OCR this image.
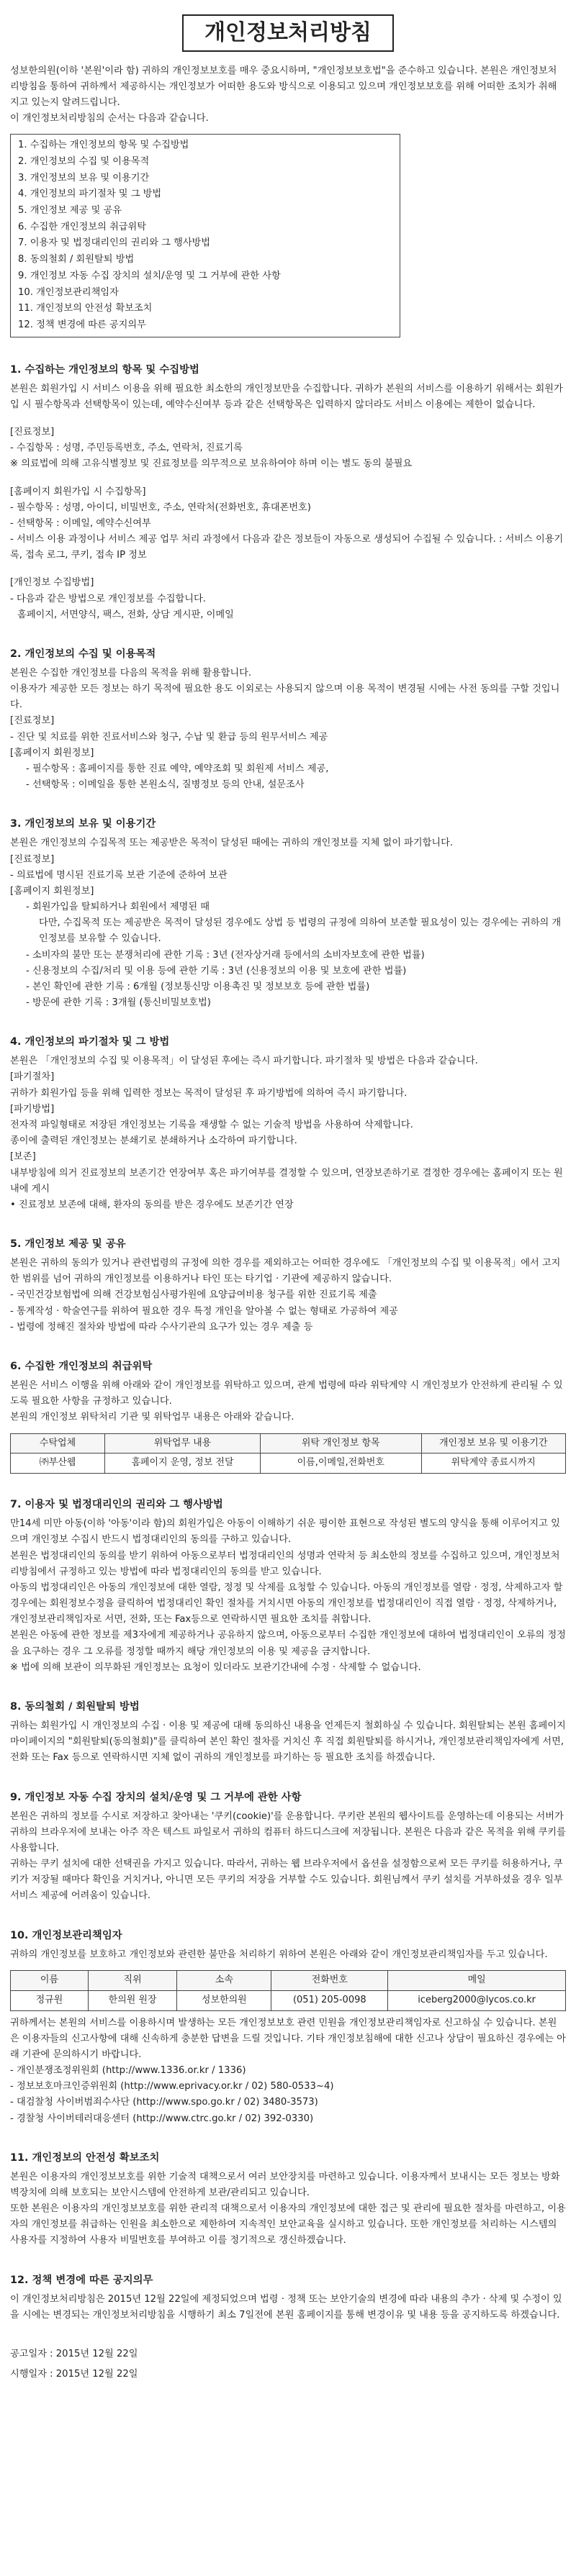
개인정보처리방침

성보한의원(이하 '본원'이라 함) 귀하의 개인정보보호를 매우 중요시하며, "개인정보보호법"을 준수하고 있습니다. 본원은 개인정보처리방침을 통하여 귀하께서 제공하시는 개인정보가 어떠한 용도와 방식으로 이용되고 있으며 개인정보보호를 위해 어떠한 조치가 취해지고 있는지 알려드립니다.

이 개인정보처리방침의 순서는 다음과 같습니다.

1. 수집하는 개인정보의 항목 및 수집방법
2. 개인정보의 수집 및 이용목적
3. 개인정보의 보유 및 이용기간
4. 개인정보의 파기절차 및 그 방법
5. 개인정보 제공 및 공유
6. 수집한 개인정보의 취급위탁
7. 이용자 및 법정대리인의 권리와 그 행사방법
8. 동의철회 / 회원탈퇴 방법
9. 개인정보 자동 수집 장치의 설치/운영 및 그 거부에 관한 사항
10. 개인정보관리책임자
11. 개인정보의 안전성 확보조치
12. 정책 변경에 따른 공지의무
1. 수집하는 개인정보의 항목 및 수집방법

본원은 회원가입 시 서비스 이용을 위해 필요한 최소한의 개인정보만을 수집합니다. 귀하가 본원의 서비스를 이용하기 위해서는 회원가입 시 필수항목과 선택항목이 있는데, 예약수신여부 등과 같은 선택항목은 입력하지 않더라도 서비스 이용에는 제한이 없습니다.

[진료정보]

- 수집항목 : 성명, 주민등록번호, 주소, 연락처, 진료기록

※ 의료법에 의해 고유식별정보 및 진료정보를 의무적으로 보유하여야 하며 이는 별도 동의 불필요

[홈페이지 회원가입 시 수집항목]

- 필수항목 : 성명, 아이디, 비밀번호, 주소, 연락처(전화번호, 휴대폰번호)

- 선택항목 : 이메일, 예약수신여부

- 서비스 이용 과정이나 서비스 제공 업무 처리 과정에서 다음과 같은 정보들이 자동으로 생성되어 수집될 수 있습니다. : 서비스 이용기록, 접속 로그, 쿠키, 접속 IP 정보

[개인정보 수집방법]

- 다음과 같은 방법으로 개인정보를 수집합니다.

홈페이지, 서면양식, 팩스, 전화, 상담 게시판, 이메일

2. 개인정보의 수집 및 이용목적

본원은 수집한 개인정보를 다음의 목적을 위해 활용합니다.

이용자가 제공한 모든 정보는 하기 목적에 필요한 용도 이외로는 사용되지 않으며 이용 목적이 변경될 시에는 사전 동의를 구할 것입니다.

[진료정보]

- 진단 및 치료를 위한 진료서비스와 청구, 수납 및 환급 등의 원무서비스 제공

[홈페이지 회원정보]

- 필수항목 : 홈페이지를 통한 진료 예약, 예약조회 및 회원제 서비스 제공,

- 선택항목 : 이메일을 통한 본원소식, 질병정보 등의 안내, 설문조사

3. 개인정보의 보유 및 이용기간

본원은 개인정보의 수집목적 또는 제공받은 목적이 달성된 때에는 귀하의 개인정보를 지체 없이 파기합니다.

[진료정보]

- 의료법에 명시된 진료기록 보관 기준에 준하여 보관

[홈페이지 회원정보]

- 회원가입을 탈퇴하거나 회원에서 제명된 때

다만, 수집목적 또는 제공받은 목적이 달성된 경우에도 상법 등 법령의 규정에 의하여 보존할 필요성이 있는 경우에는 귀하의 개인정보를 보유할 수 있습니다.

- 소비자의 불만 또는 분쟁처리에 관한 기록 : 3년 (전자상거래 등에서의 소비자보호에 관한 법률)

- 신용정보의 수집/처리 및 이용 등에 관한 기록 : 3년 (신용정보의 이용 및 보호에 관한 법률)

- 본인 확인에 관한 기록 : 6개월 (정보통신망 이용촉진 및 정보보호 등에 관한 법률)

- 방문에 관한 기록 : 3개월 (통신비밀보호법)

4. 개인정보의 파기절차 및 그 방법

본원은 「개인정보의 수집 및 이용목적」이 달성된 후에는 즉시 파기합니다. 파기절차 및 방법은 다음과 같습니다.

[파기절차]

귀하가 회원가입 등을 위해 입력한 정보는 목적이 달성된 후 파기방법에 의하여 즉시 파기합니다.

[파기방법]

전자적 파일형태로 저장된 개인정보는 기록을 재생할 수 없는 기술적 방법을 사용하여 삭제합니다.

종이에 출력된 개인정보는 분쇄기로 분쇄하거나 소각하여 파기합니다.

[보존]

내부방침에 의거 진료정보의 보존기간 연장여부 혹은 파기여부를 결정할 수 있으며, 연장보존하기로 결정한 경우에는 홈페이지 또는 원내에 게시

• 진료정보 보존에 대해, 환자의 동의를 받은 경우에도 보존기간 연장

5. 개인정보 제공 및 공유

본원은 귀하의 동의가 있거나 관련법령의 규정에 의한 경우를 제외하고는 어떠한 경우에도 「개인정보의 수집 및 이용목적」에서 고지한 범위를 넘어 귀하의 개인정보를 이용하거나 타인 또는 타기업 · 기관에 제공하지 않습니다.

- 국민건강보험법에 의해 건강보험심사평가원에 요양급여비용 청구를 위한 진료기록 제출

- 통계작성 · 학술연구를 위하여 필요한 경우 특정 개인을 알아볼 수 없는 형태로 가공하여 제공

- 법령에 정해진 절차와 방법에 따라 수사기관의 요구가 있는 경우 제출 등

6. 수집한 개인정보의 취급위탁

본원은 서비스 이행을 위해 아래와 같이 개인정보를 위탁하고 있으며, 관계 법령에 따라 위탁계약 시 개인정보가 안전하게 관리될 수 있도록 필요한 사항을 규정하고 있습니다.

본원의 개인정보 위탁처리 기관 및 위탁업무 내용은 아래와 같습니다.

수탁업체	위탁업무 내용	위탁 개인정보 항목	개인정보 보유 및 이용기간
㈜부산웹	홈페이지 운영, 정보 전달	이름,이메일,전화번호	위탁계약 종료시까지
7. 이용자 및 법정대리인의 권리와 그 행사방법

만14세 미만 아동(이하 '아동'이라 함)의 회원가입은 아동이 이해하기 쉬운 평이한 표현으로 작성된 별도의 양식을 통해 이루어지고 있으며 개인정보 수집시 반드시 법정대리인의 동의를 구하고 있습니다.

본원은 법정대리인의 동의를 받기 위하여 아동으로부터 법정대리인의 성명과 연락처 등 최소한의 정보를 수집하고 있으며, 개인정보처리방침에서 규정하고 있는 방법에 따라 법정대리인의 동의를 받고 있습니다.

아동의 법정대리인은 아동의 개인정보에 대한 열람, 정정 및 삭제를 요청할 수 있습니다. 아동의 개인정보를 열람 · 정정, 삭제하고자 할 경우에는 회원정보수정을 클릭하여 법정대리인 확인 절차를 거치시면 아동의 개인정보를 법정대리인이 직접 열람 · 정정, 삭제하거나, 개인정보관리책임자로 서면, 전화, 또는 Fax등으로 연락하시면 필요한 조치를 취합니다.

본원은 아동에 관한 정보를 제3자에게 제공하거나 공유하지 않으며, 아동으로부터 수집한 개인정보에 대하여 법정대리인이 오류의 정정을 요구하는 경우 그 오류를 정정할 때까지 해당 개인정보의 이용 및 제공을 금지합니다.

※ 법에 의해 보관이 의무화된 개인정보는 요청이 있더라도 보관기간내에 수정 · 삭제할 수 없습니다.

8. 동의철회 / 회원탈퇴 방법

귀하는 회원가입 시 개인정보의 수집 · 이용 및 제공에 대해 동의하신 내용을 언제든지 철회하실 수 있습니다. 회원탈퇴는 본원 홈페이지 마이페이지의 "회원탈퇴(동의철회)"를 클릭하여 본인 확인 절차를 거치신 후 직접 회원탈퇴를 하시거나, 개인정보관리책임자에게 서면, 전화 또는 Fax 등으로 연락하시면 지체 없이 귀하의 개인정보를 파기하는 등 필요한 조치를 하겠습니다.

9. 개인정보 자동 수집 장치의 설치/운영 및 그 거부에 관한 사항

본원은 귀하의 정보를 수시로 저장하고 찾아내는 '쿠키(cookie)'를 운용합니다. 쿠키란 본원의 웹사이트를 운영하는데 이용되는 서버가 귀하의 브라우저에 보내는 아주 작은 텍스트 파일로서 귀하의 컴퓨터 하드디스크에 저장됩니다. 본원은 다음과 같은 목적을 위해 쿠키를 사용합니다.

귀하는 쿠키 설치에 대한 선택권을 가지고 있습니다. 따라서, 귀하는 웹 브라우저에서 옵션을 설정함으로써 모든 쿠키를 허용하거나, 쿠키가 저장될 때마다 확인을 거치거나, 아니면 모든 쿠키의 저장을 거부할 수도 있습니다. 회원님께서 쿠키 설치를 거부하셨을 경우 일부 서비스 제공에 어려움이 있습니다.

10. 개인정보관리책임자

귀하의 개인정보를 보호하고 개인정보와 관련한 불만을 처리하기 위하여 본원은 아래와 같이 개인정보관리책임자를 두고 있습니다.

이름	직위	소속	전화번호	메일
정규원	한의원 원장	성보한의원	(051) 205-0098	iceberg2000@lycos.co.kr

귀하께서는 본원의 서비스를 이용하시며 발생하는 모든 개인정보보호 관련 민원을 개인정보관리책임자로 신고하실 수 있습니다. 본원은 이용자들의 신고사항에 대해 신속하게 충분한 답변을 드릴 것입니다. 기타 개인정보침해에 대한 신고나 상담이 필요하신 경우에는 아래 기관에 문의하시기 바랍니다.

- 개인분쟁조정위원회 (http://www.1336.or.kr / 1336)

- 정보보호마크인증위원회 (http://www.eprivacy.or.kr / 02) 580-0533~4)

- 대검찰청 사이버범죄수사단 (http://www.spo.go.kr / 02) 3480-3573)

- 경찰청 사이버테러대응센터 (http://www.ctrc.go.kr / 02) 392-0330)

11. 개인정보의 안전성 확보조치

본원은 이용자의 개인정보보호를 위한 기술적 대책으로서 여러 보안장치를 마련하고 있습니다. 이용자께서 보내시는 모든 정보는 방화벽장치에 의해 보호되는 보안시스템에 안전하게 보관/관리되고 있습니다.

또한 본원은 이용자의 개인정보보호를 위한 관리적 대책으로서 이용자의 개인정보에 대한 접근 및 관리에 필요한 절차를 마련하고, 이용자의 개인정보를 취급하는 인원을 최소한으로 제한하여 지속적인 보안교육을 실시하고 있습니다. 또한 개인정보를 처리하는 시스템의 사용자를 지정하여 사용자 비밀번호를 부여하고 이를 정기적으로 갱신하겠습니다.

12. 정책 변경에 따른 공지의무

이 개인정보처리방침은 2015년 12월 22일에 제정되었으며 법령 · 정책 또는 보안기술의 변경에 따라 내용의 추가 · 삭제 및 수정이 있을 시에는 변경되는 개인정보처리방침을 시행하기 최소 7일전에 본원 홈페이지를 통해 변경이유 및 내용 등을 공지하도록 하겠습니다.

공고일자 : 2015년 12월 22일

시행일자 : 2015년 12월 22일
